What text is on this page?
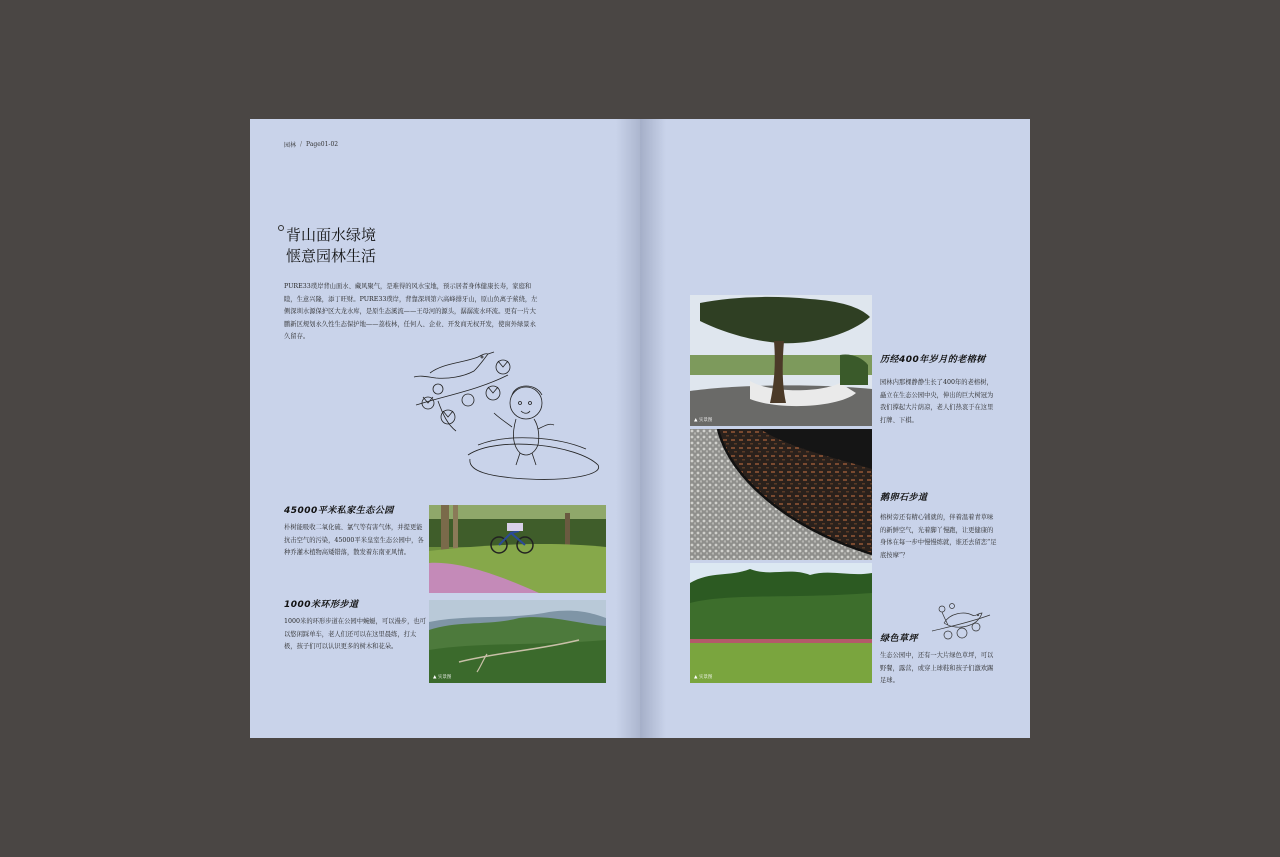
园林 / Page01-02
背山面水绿境
惬意园林生活
PURE33璞岸背山面水、藏风聚气，是难得的风水宝地，预示居者身体健康长寿，家庭和睦，生意兴隆，添丁旺财。PURE33璞岸，背靠深圳第六高峰排牙山，原山负离子萦绕，左侧深圳水源保护区大龙水库，是原生态溪流——王母河的源头，潺潺流水环流。更有一片大鹏新区规划永久性生态保护地——荔枝林，任何人、企业、开发商无权开发，使窗外绿景永久留存。
45000平米私家生态公园
朴树能吸收二氧化硫、氯气等有害气体，并提更能抗击空气的污染，45000平米皇室生态公园中，各种乔灌木植物高矮错落，散发着东南亚风情。
1000米环形步道
1000米的环形步道在公园中蜿蜒，可以漫步，也可以悠闲踩单车，老人们还可以在这里晨练，打太极，孩子们可以认识更多的树木和花朵。
▲ 实景图
▲ 实景图
历经400年岁月的老榕树
园林内那棵静静生长了400年的老榕树，矗立在生态公园中央，伸出的巨大树冠为我们撑起大片荫凉，老人们热衷于在这里打牌、下棋。
鹅卵石步道
榕树旁还有精心铺就的，伴着温着青草味的新鲜空气，光着脚丫慢跑，让更健康的身体在每一步中慢慢练就，谁还去留恋“足底按摩”？
▲ 实景图
绿色草坪
生态公园中，还有一大片绿色草坪，可以野餐，露营，或穿上球鞋和孩子们激欢踢足球。
